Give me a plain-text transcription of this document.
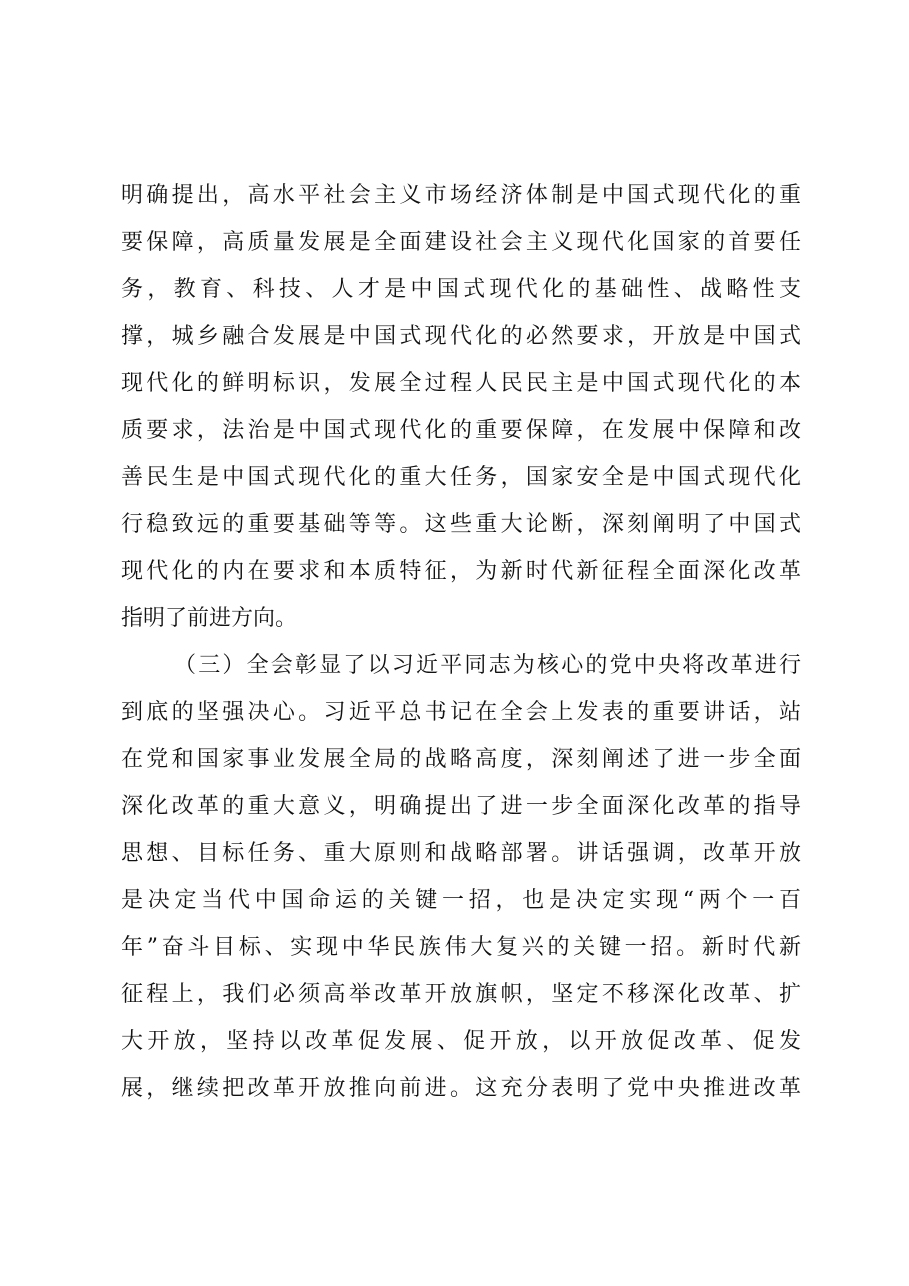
明确提出，高水平社会主义市场经济体制是中国式现代化的重
要保障，高质量发展是全面建设社会主义现代化国家的首要任
务，教育、科技、人才是中国式现代化的基础性、战略性支
撑，城乡融合发展是中国式现代化的必然要求，开放是中国式
现代化的鲜明标识，发展全过程人民民主是中国式现代化的本
质要求，法治是中国式现代化的重要保障，在发展中保障和改
善民生是中国式现代化的重大任务，国家安全是中国式现代化
行稳致远的重要基础等等。这些重大论断，深刻阐明了中国式
现代化的内在要求和本质特征，为新时代新征程全面深化改革
指明了前进方向。
（三）全会彰显了以习近平同志为核心的党中央将改革进行
到底的坚强决心。习近平总书记在全会上发表的重要讲话，站
在党和国家事业发展全局的战略高度，深刻阐述了进一步全面
深化改革的重大意义，明确提出了进一步全面深化改革的指导
思想、目标任务、重大原则和战略部署。讲话强调，改革开放
是决定当代中国命运的关键一招，也是决定实现“两个一百
年”奋斗目标、实现中华民族伟大复兴的关键一招。新时代新
征程上，我们必须高举改革开放旗帜，坚定不移深化改革、扩
大开放，坚持以改革促发展、促开放，以开放促改革、促发
展，继续把改革开放推向前进。这充分表明了党中央推进改革
